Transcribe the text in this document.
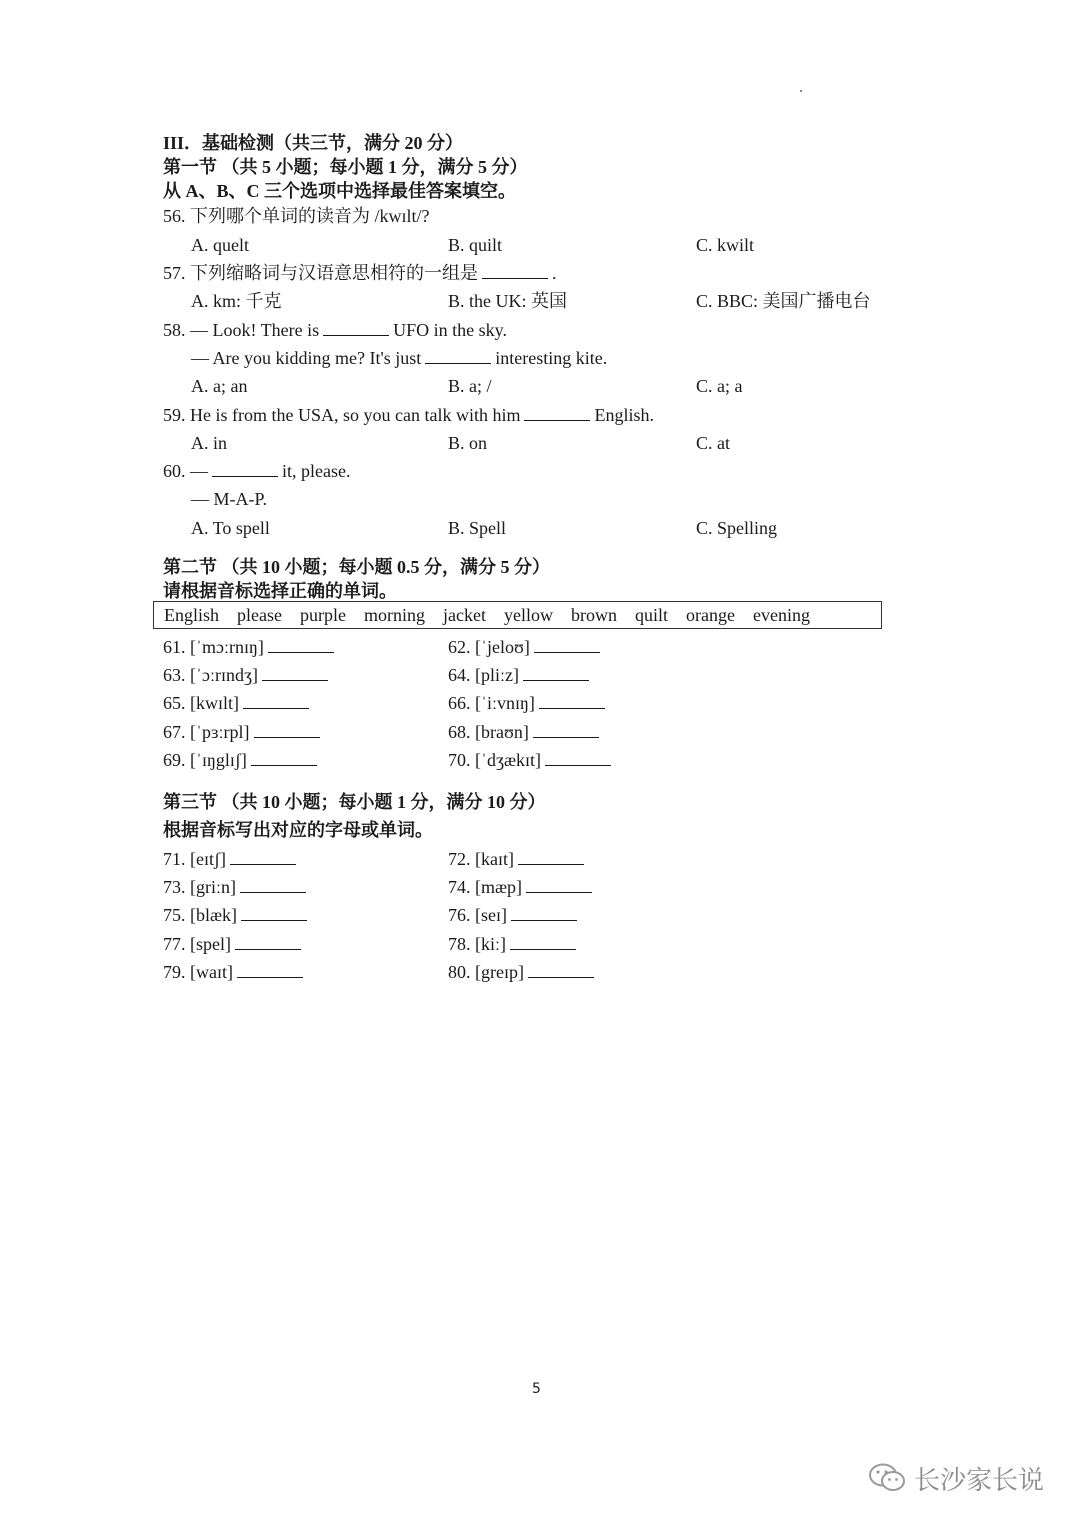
III．基础检测（共三节，满分 20 分）
第一节 （共 5 小题；每小题 1 分，满分 5 分）
从 A、B、C 三个选项中选择最佳答案填空。
56. 下列哪个单词的读音为 /kwɪlt/?
A. quelt	B. quilt	C. kwilt
57. 下列缩略词与汉语意思相符的一组是	.
A. km: 千克	B. the UK: 英国	C. BBC: 美国广播电台
58. — Look! There is	UFO in the sky.
— Are you kidding me? It's just	interesting kite.
A. a; an	B. a; /	C. a; a
59. He is from the USA, so you can talk with him	English.
A. in	B. on	C. at
60. —	it, please.
— M-A-P.
A. To spell	B. Spell	C. Spelling
第二节 （共 10 小题；每小题 0.5 分，满分 5 分）
请根据音标选择正确的单词。
English please purple morning jacket yellow brown quilt orange evening
61. [ˈmɔːrnɪŋ]	62. [ˈjeloʊ]
63. [ˈɔːrɪndʒ]	64. [pliːz]
65. [kwɪlt]	66. [ˈiːvnɪŋ]
67. [ˈpɜːrpl]	68. [braʊn]
69. [ˈɪŋglɪʃ]	70. [ˈdʒækɪt]
第三节 （共 10 小题；每小题 1 分，满分 10 分）
根据音标写出对应的字母或单词。
71. [eɪtʃ]	72. [kaɪt]
73. [griːn]	74. [mæp]
75. [blæk]	76. [seɪ]
77. [spel]	78. [kiː]
79. [waɪt]	80. [greɪp]
5
长沙家长说
